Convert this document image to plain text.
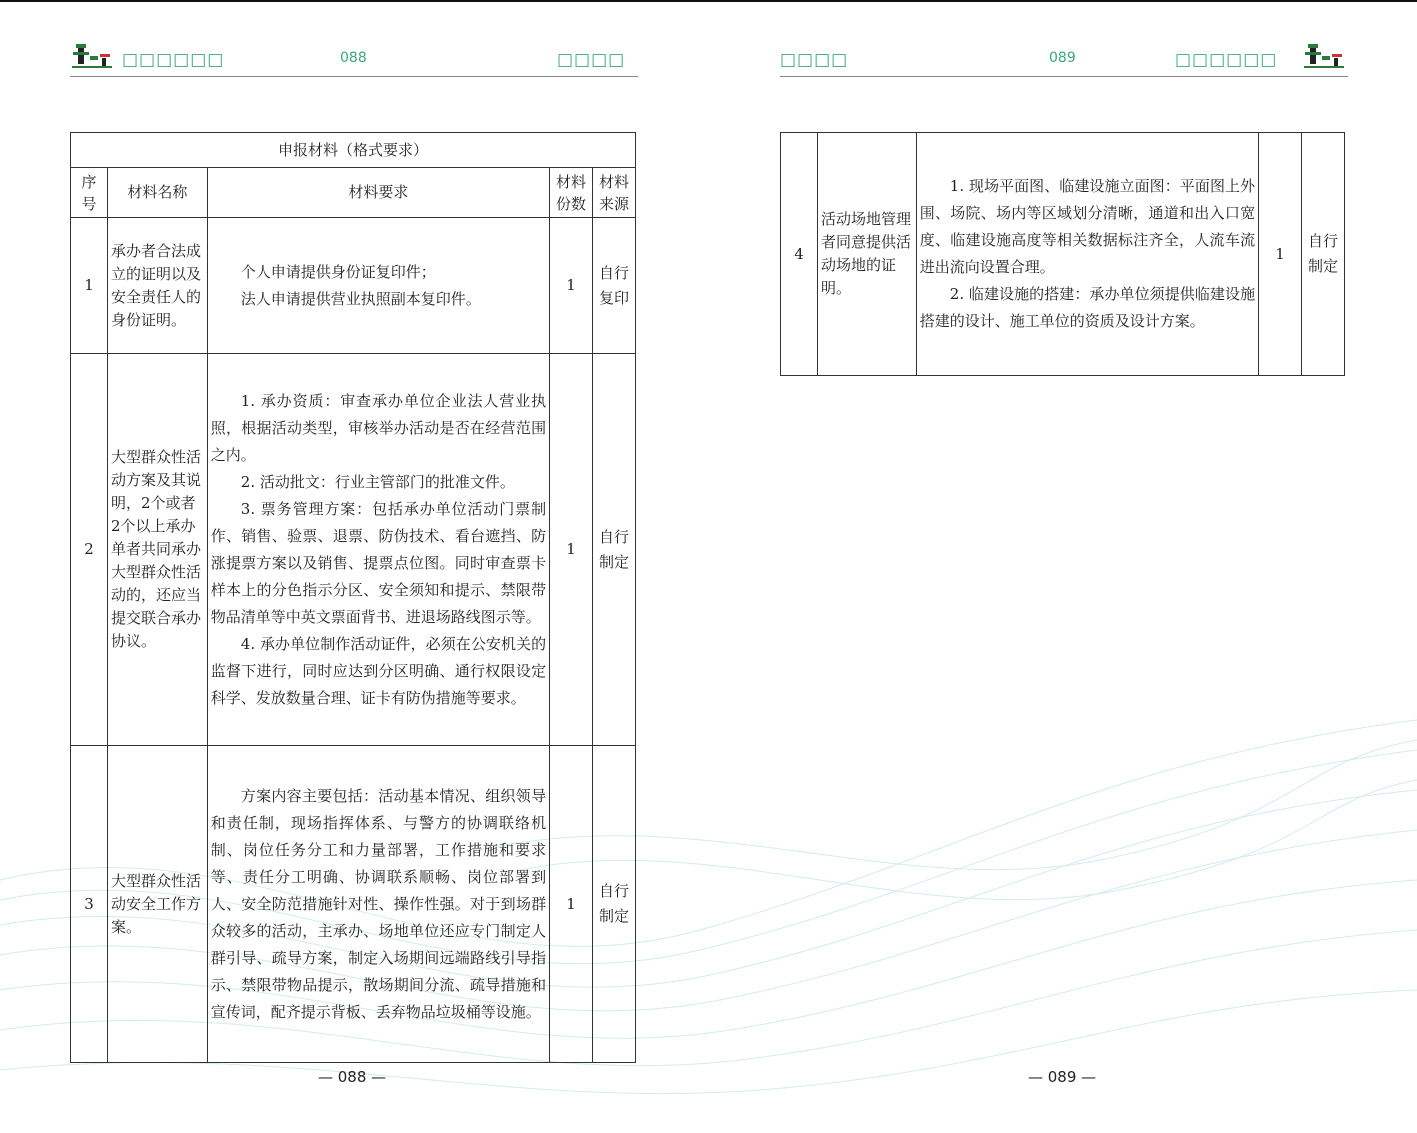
□□□□□□	088	□□□□	□□□□	089	□□□□□□
申报材料（格式要求）				
序号	材料名称	材料要求	材料份数	材料来源
1	承办者合法成立的证明以及安全责任人的身份证明。	个人申请提供身份证复印件；

法人申请提供营业执照副本复印件。	1	自行复印
2	大型群众性活动方案及其说明，2个或者2个以上承办单者共同承办大型群众性活动的，还应当提交联合承办协议。	1. 承办资质：审查承办单位企业法人营业执照，根据活动类型，审核举办活动是否在经营范围之内。

2. 活动批文：行业主管部门的批准文件。

3. 票务管理方案：包括承办单位活动门票制作、销售、验票、退票、防伪技术、看台遮挡、防涨提票方案以及销售、提票点位图。同时审查票卡样本上的分色指示分区、安全须知和提示、禁限带物品清单等中英文票面背书、进退场路线图示等。

4. 承办单位制作活动证件，必须在公安机关的监督下进行，同时应达到分区明确、通行权限设定科学、发放数量合理、证卡有防伪措施等要求。	1	自行制定
3	大型群众性活动安全工作方案。	方案内容主要包括：活动基本情况、组织领导和责任制，现场指挥体系、与警方的协调联络机制、岗位任务分工和力量部署，工作措施和要求等、责任分工明确、协调联系顺畅、岗位部署到人、安全防范措施针对性、操作性强。对于到场群众较多的活动，主承办、场地单位还应专门制定人群引导、疏导方案，制定入场期间远端路线引导指示、禁限带物品提示，散场期间分流、疏导措施和宣传词，配齐提示背板、丢弃物品垃圾桶等设施。	1	自行制定
4	活动场地管理者同意提供活动场地的证明。	

1. 现场平面图、临建设施立面图：平面图上外围、场院、场内等区域划分清晰，通道和出入口宽度、临建设施高度等相关数据标注齐全，人流车流进出流向设置合理。

2. 临建设施的搭建：承办单位须提供临建设施搭建的设计、施工单位的资质及设计方案。

	1	自行制定
— 088 —	— 089 —
